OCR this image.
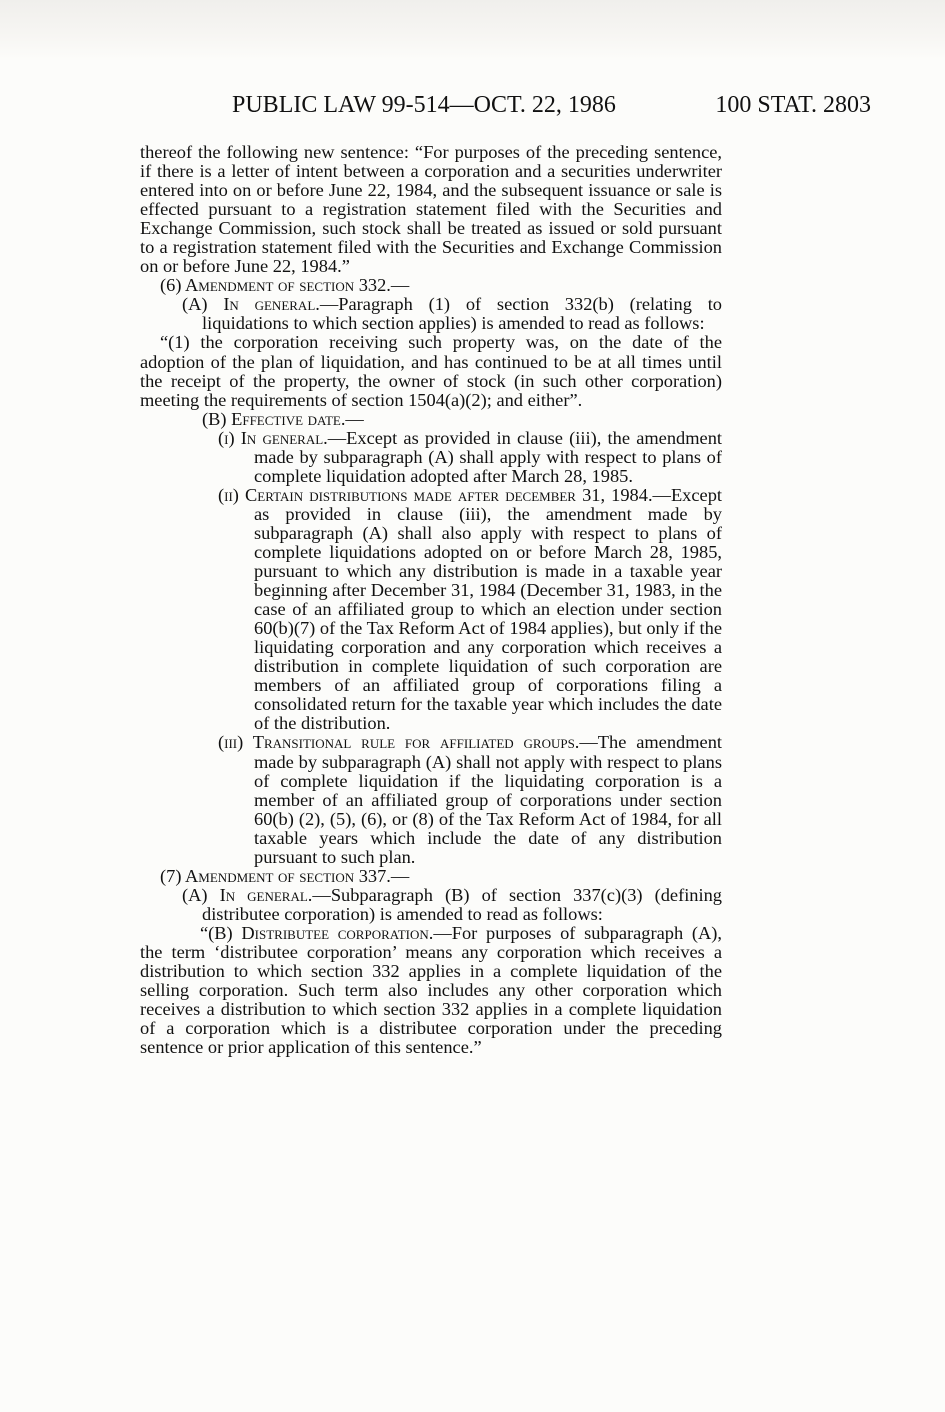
PUBLIC LAW 99-514—OCT. 22, 1986	100 STAT. 2803

thereof the following new sentence: “For purposes of the preceding sentence, if there is a letter of intent between a corporation and a securities underwriter entered into on or before June 22, 1984, and the subsequent issuance or sale is effected pursuant to a registration statement filed with the Securities and Exchange Commission, such stock shall be treated as issued or sold pursuant to a registration statement filed with the Securities and Exchange Commission on or before June 22, 1984.”

(6) Amendment of section 332.—

(A) In general.—Paragraph (1) of section 332(b) (relating to liquidations to which section applies) is amended to read as follows:

“(1) the corporation receiving such property was, on the date of the adoption of the plan of liquidation, and has continued to be at all times until the receipt of the property, the owner of stock (in such other corporation) meeting the requirements of section 1504(a)(2); and either”.

(B) Effective date.—

(i) In general.—Except as provided in clause (iii), the amendment made by subparagraph (A) shall apply with respect to plans of complete liquidation adopted after March 28, 1985.

(ii) Certain distributions made after december 31, 1984.—Except as provided in clause (iii), the amendment made by subparagraph (A) shall also apply with respect to plans of complete liquidations adopted on or before March 28, 1985, pursuant to which any distribution is made in a taxable year beginning after December 31, 1984 (December 31, 1983, in the case of an affiliated group to which an election under section 60(b)(7) of the Tax Reform Act of 1984 applies), but only if the liquidating corporation and any corporation which receives a distribution in complete liquidation of such corporation are members of an affiliated group of corporations filing a consolidated return for the taxable year which includes the date of the distribution.

(iii) Transitional rule for affiliated groups.—The amendment made by subparagraph (A) shall not apply with respect to plans of complete liquidation if the liquidating corporation is a member of an affiliated group of corporations under section 60(b) (2), (5), (6), or (8) of the Tax Reform Act of 1984, for all taxable years which include the date of any distribution pursuant to such plan.

(7) Amendment of section 337.—

(A) In general.—Subparagraph (B) of section 337(c)(3) (defining distributee corporation) is amended to read as follows:

“(B) Distributee corporation.—For purposes of subparagraph (A), the term ‘distributee corporation’ means any corporation which receives a distribution to which section 332 applies in a complete liquidation of the selling corporation. Such term also includes any other corporation which receives a distribution to which section 332 applies in a complete liquidation of a corporation which is a distributee corporation under the preceding sentence or prior application of this sentence.”
